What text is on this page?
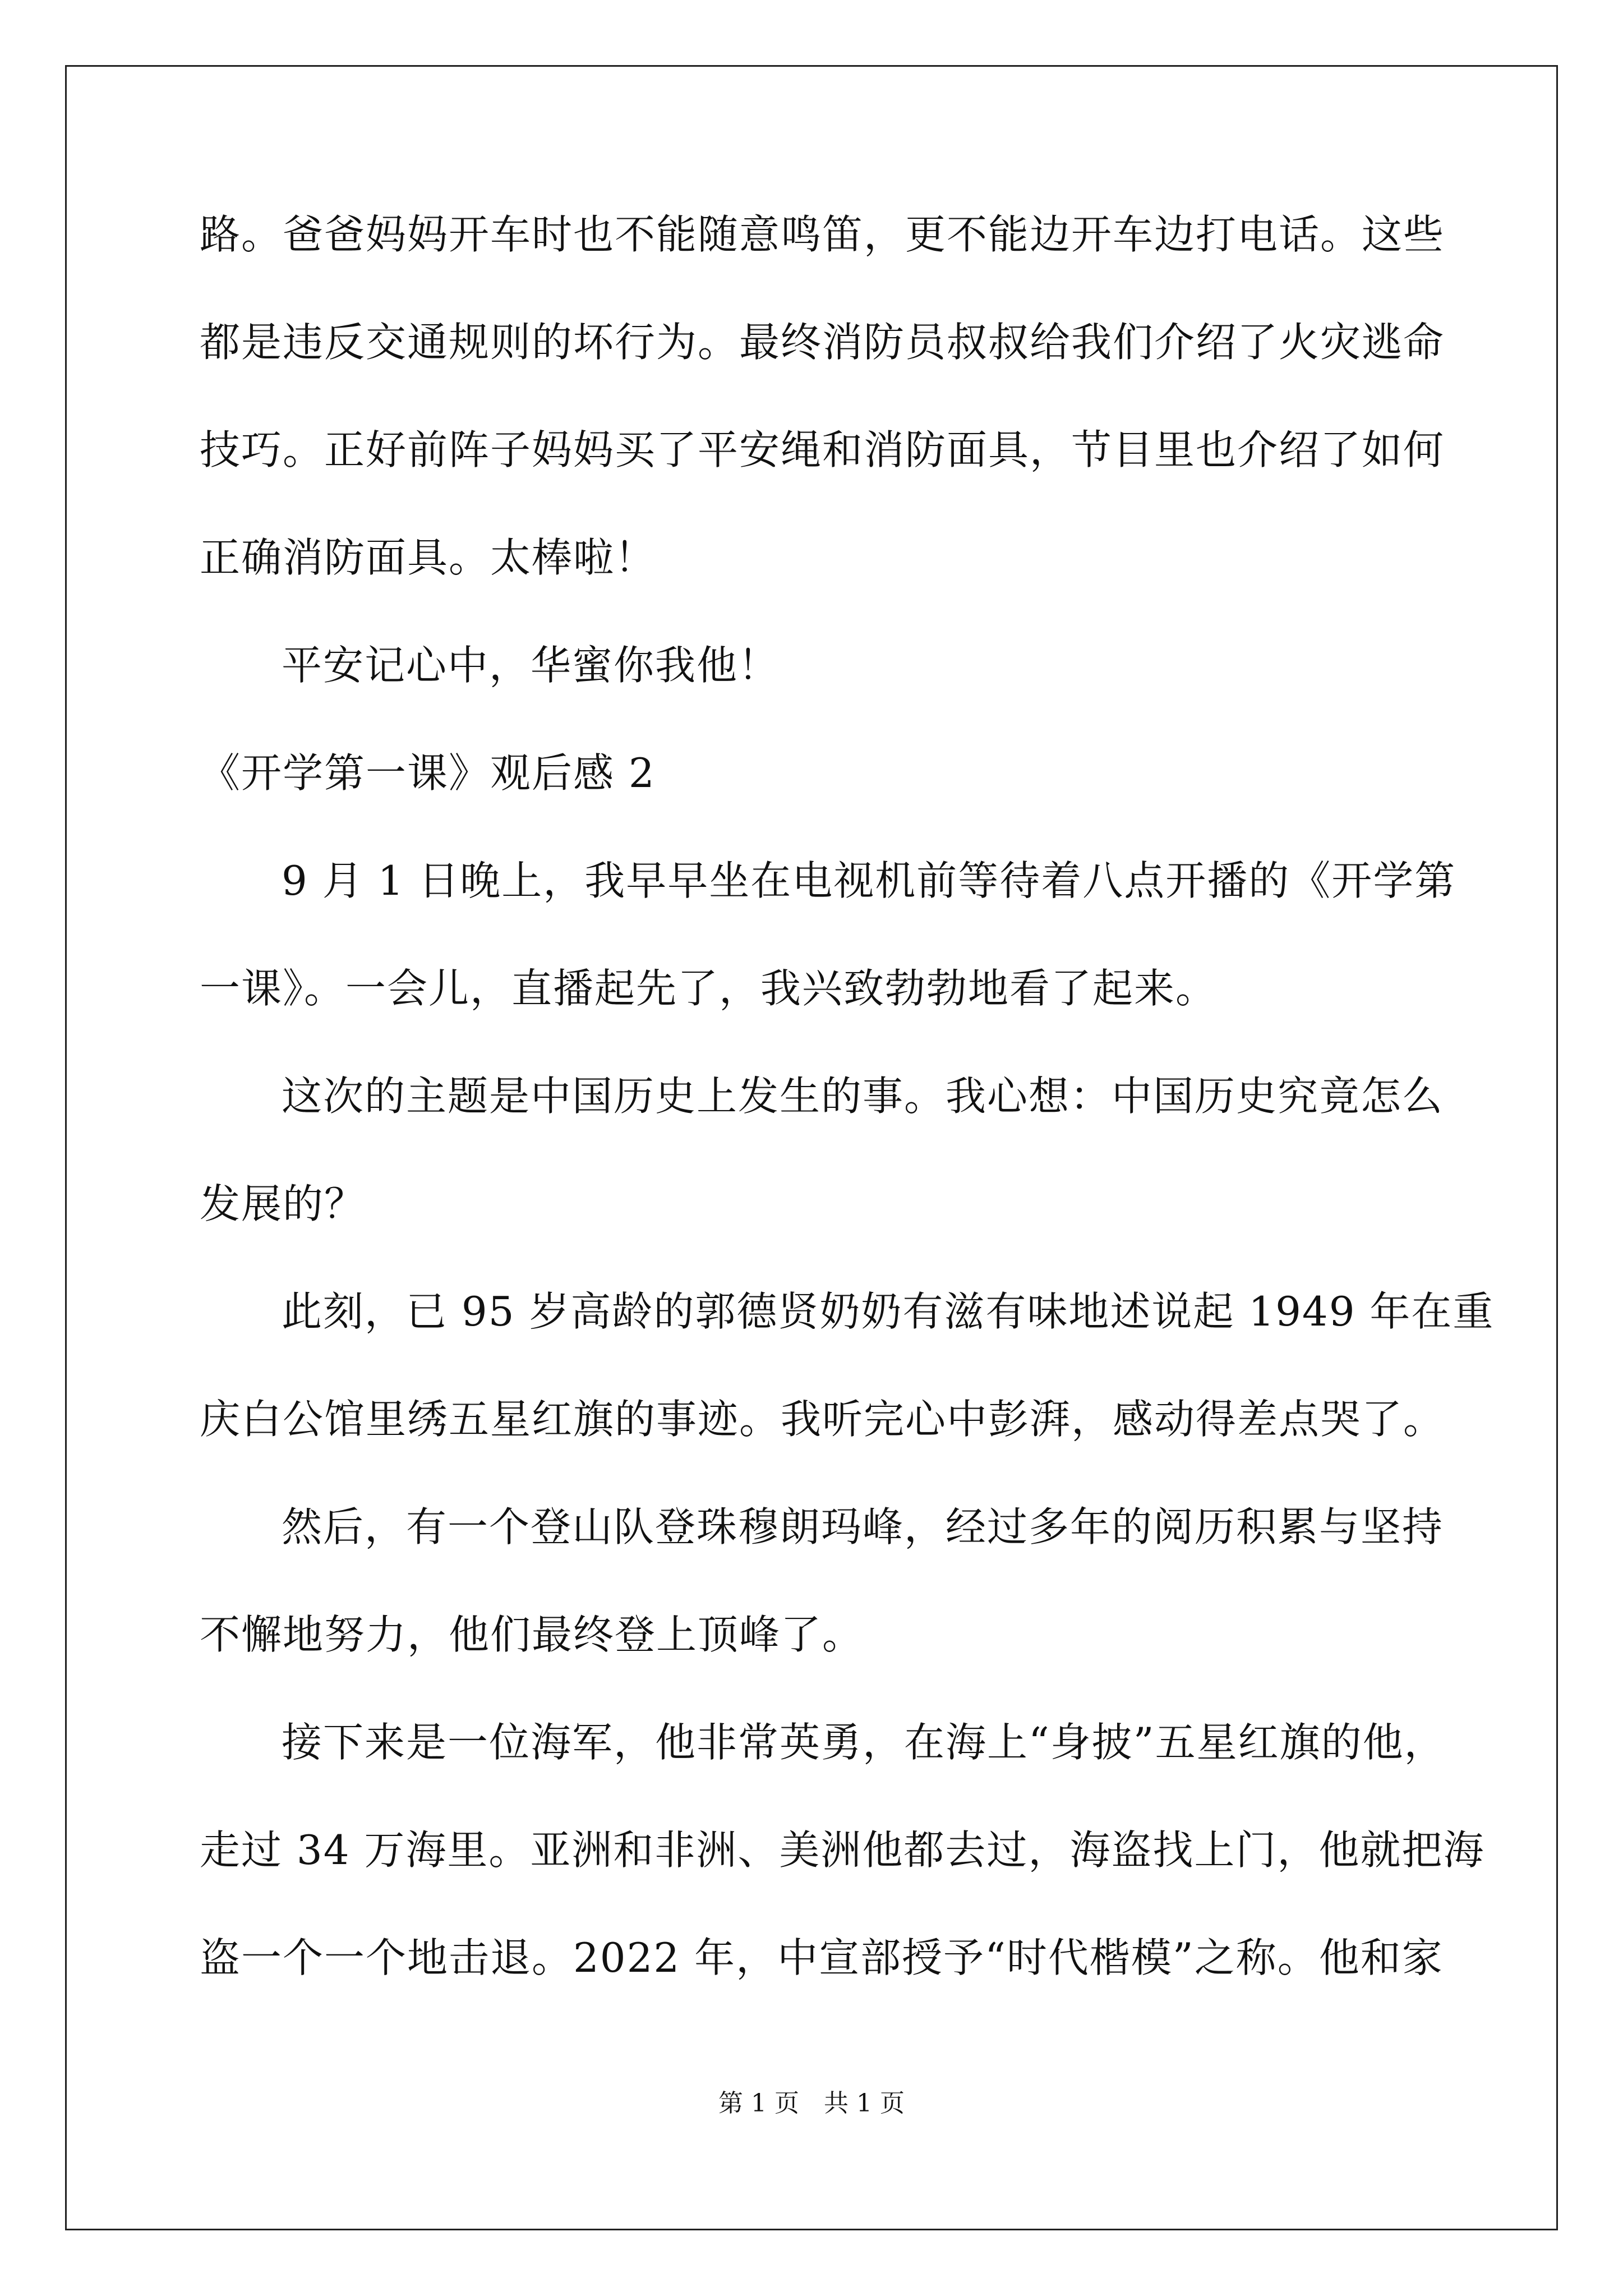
路。爸爸妈妈开车时也不能随意鸣笛，更不能边开车边打电话。这些
都是违反交通规则的坏行为。最终消防员叔叔给我们介绍了火灾逃命
技巧。正好前阵子妈妈买了平安绳和消防面具，节目里也介绍了如何
正确消防面具。太棒啦！
平安记心中，华蜜你我他！
《开学第一课》观后感 2
9 月 1 日晚上，我早早坐在电视机前等待着八点开播的《开学第
一课》。一会儿，直播起先了，我兴致勃勃地看了起来。
这次的主题是中国历史上发生的事。我心想：中国历史究竟怎么
发展的？
此刻，已 95 岁高龄的郭德贤奶奶有滋有味地述说起 1949 年在重
庆白公馆里绣五星红旗的事迹。我听完心中彭湃，感动得差点哭了。
然后，有一个登山队登珠穆朗玛峰，经过多年的阅历积累与坚持
不懈地努力，他们最终登上顶峰了。
接下来是一位海军，他非常英勇，在海上“身披”五星红旗的他，
走过 34 万海里。亚洲和非洲、美洲他都去过，海盗找上门，他就把海
盗一个一个地击退。2022 年，中宣部授予“时代楷模”之称。他和家
第 1 页 共 1 页
